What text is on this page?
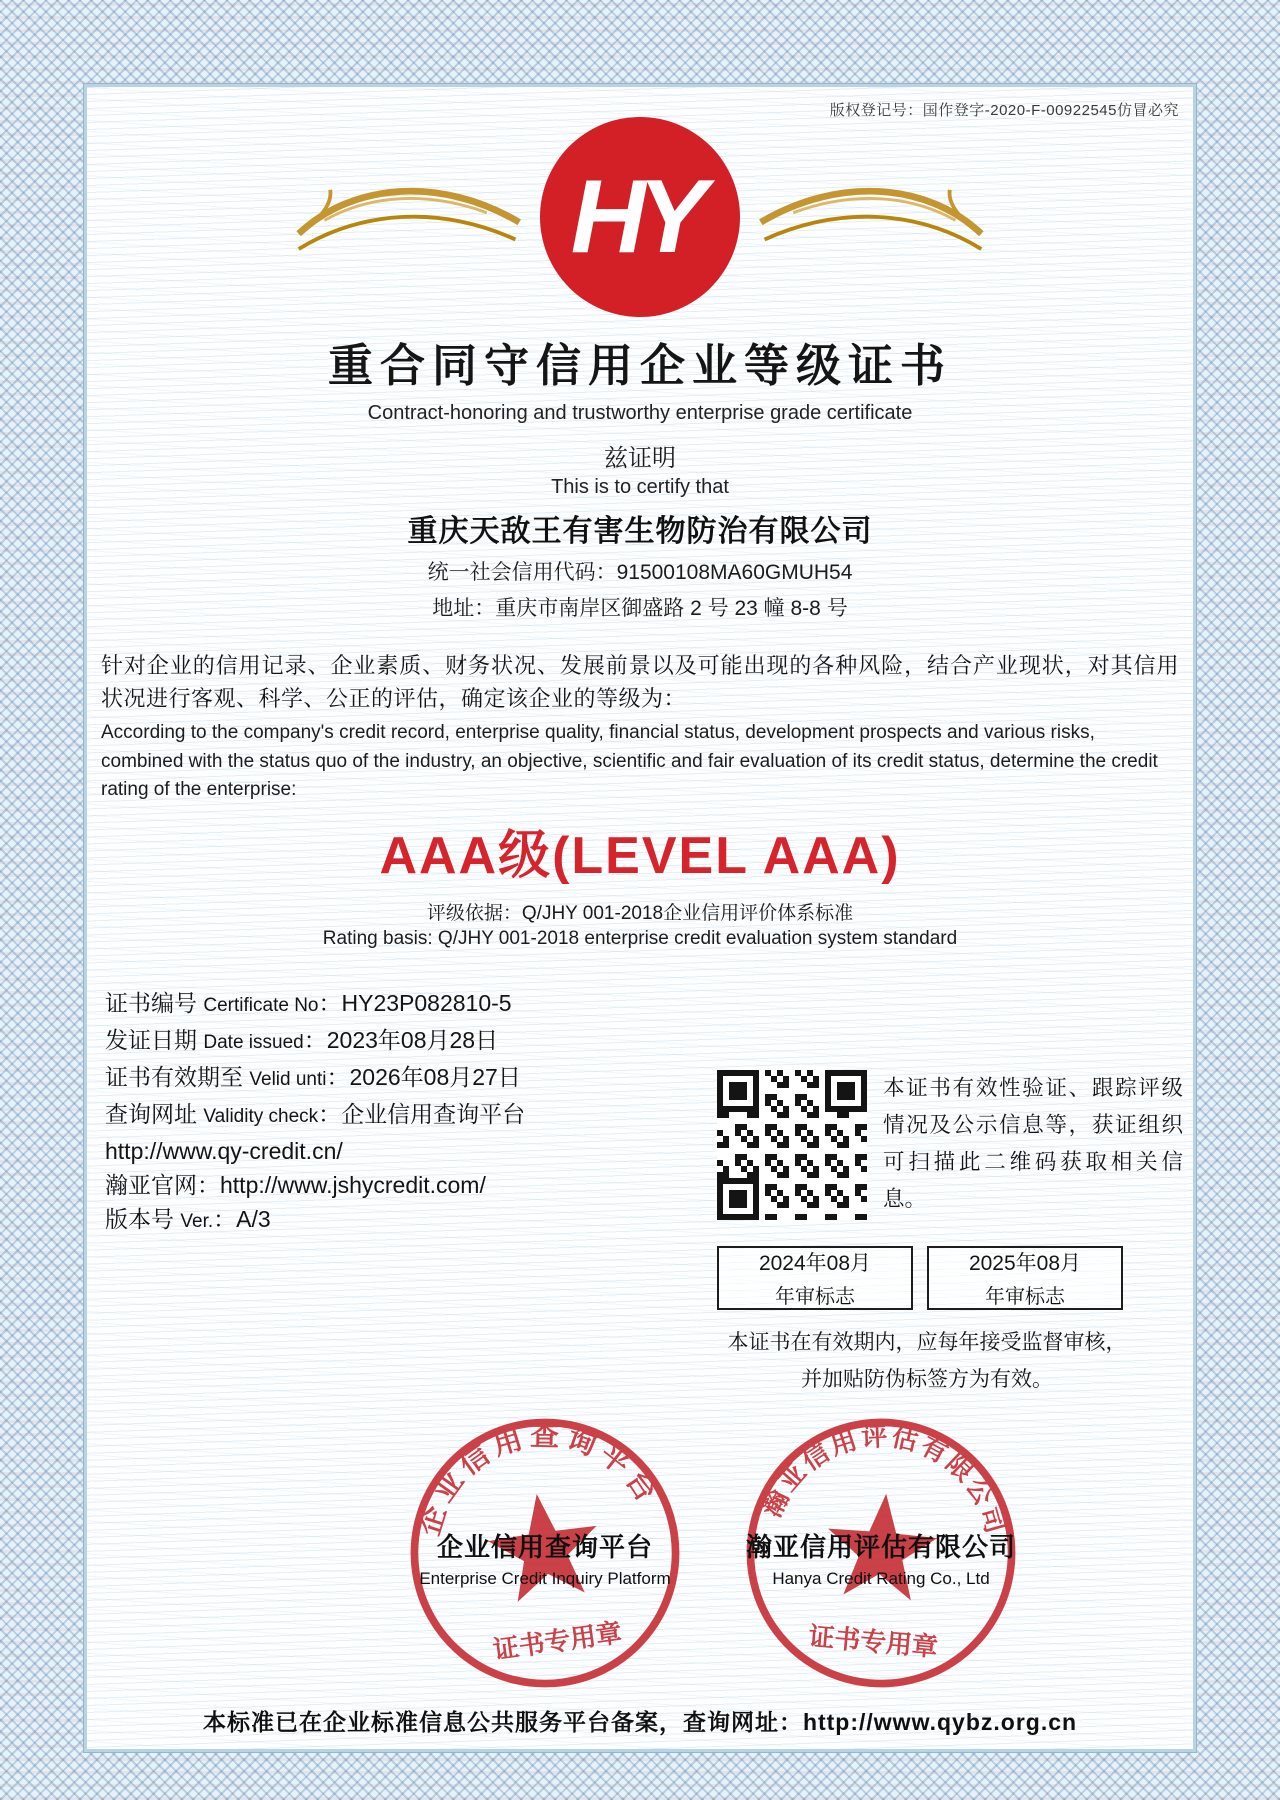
版权登记号：国作登字-2020-F-00922545仿冒必究
HY
重合同守信用企业等级证书
Contract-honoring and trustworthy enterprise grade certificate
兹证明
This is to certify that
重庆天敌王有害生物防治有限公司
统一社会信用代码：91500108MA60GMUH54
地址：重庆市南岸区御盛路 2 号 23 幢 8-8 号
针对企业的信用记录、企业素质、财务状况、发展前景以及可能出现的各种风险，结合产业现状，对其信用状况进行客观、科学、公正的评估，确定该企业的等级为：
According to the company's credit record, enterprise quality, financial status, development prospects and various risks, combined with the status quo of the industry, an objective, scientific and fair evaluation of its credit status, determine the credit rating of the enterprise:
AAA级(LEVEL AAA)
评级依据：Q/JHY 001-2018企业信用评价体系标准
Rating basis: Q/JHY 001-2018 enterprise credit evaluation system standard
证书编号 Certificate No：HY23P082810-5
发证日期 Date issued：2023年08月28日
证书有效期至 Velid unti：2026年08月27日
查询网址 Validity check：企业信用查询平台
http://www.qy-credit.cn/
瀚亚官网：http://www.jshycredit.com/
版本号 Ver.：A/3
本证书有效性验证、跟踪评级情况及公示信息等，获证组织可扫描此二维码获取相关信息。
2024年08月
年审标志
2025年08月
年审标志
本证书在有效期内，应每年接受监督审核，
并加贴防伪标签方为有效。
企业信用查询平台
证书专用章
瀚亚信用评估有限公司
证书专用章
企业信用查询平台
Enterprise Credit Inquiry Platform
瀚亚信用评估有限公司
Hanya Credit Rating Co., Ltd
本标准已在企业标准信息公共服务平台备案，查询网址：http://www.qybz.org.cn
